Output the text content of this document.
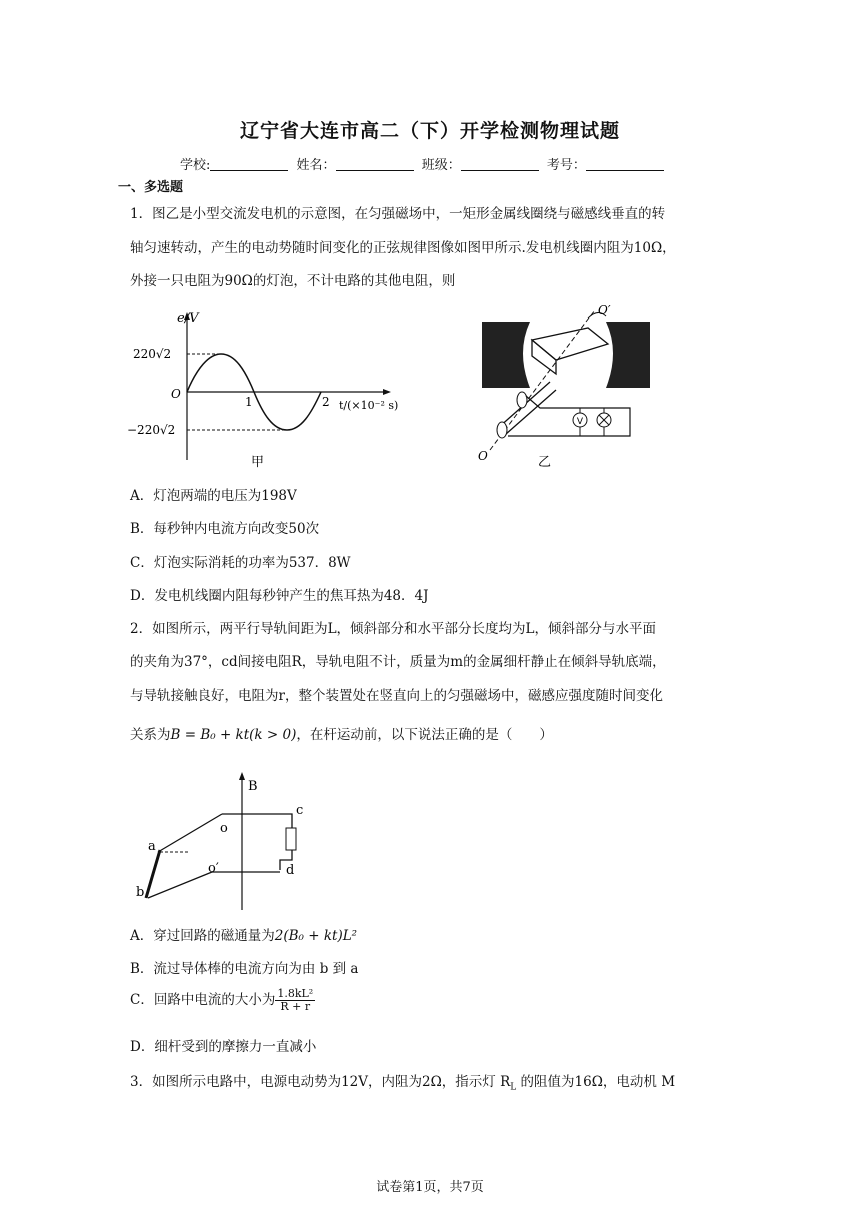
辽宁省大连市高二（下）开学检测物理试题
学校:	姓名：	班级：	考号：
一、多选题
1．图乙是小型交流发电机的示意图，在匀强磁场中，一矩形金属线圈绕与磁感线垂直的转
轴匀速转动，产生的电动势随时间变化的正弦规律图像如图甲所示.发电机线圈内阻为10Ω，
外接一只电阻为90Ω的灯泡，不计电路的其他电阻，则
e/V
220√2
−220√2
O
1	2 t/(×10⁻² s)
甲
V
O′
O	乙
A．灯泡两端的电压为198V
B．每秒钟内电流方向改变50次
C．灯泡实际消耗的功率为537．8W
D．发电机线圈内阻每秒钟产生的焦耳热为48．4J
2．如图所示，两平行导轨间距为L，倾斜部分和水平部分长度均为L，倾斜部分与水平面
的夹角为37°，cd间接电阻R，导轨电阻不计，质量为m的金属细杆静止在倾斜导轨底端，
与导轨接触良好，电阻为r，整个装置处在竖直向上的匀强磁场中，磁感应强度随时间变化
关系为B = B₀ + kt(k > 0)，在杆运动前，以下说法正确的是（　　）
B
a
b
c
d
o
o′
A．穿过回路的磁通量为2(B₀ + kt)L²
B．流过导体棒的电流方向为由 b 到 a
C．回路中电流的大小为 $\frac{\text{1.8kL²}}{R + r}$
D．细杆受到的摩擦力一直减小
3．如图所示电路中，电源电动势为12V，内阻为2Ω，指示灯 $R_L$ 的阻值为16Ω，电动机 M
试卷第1页，共7页
